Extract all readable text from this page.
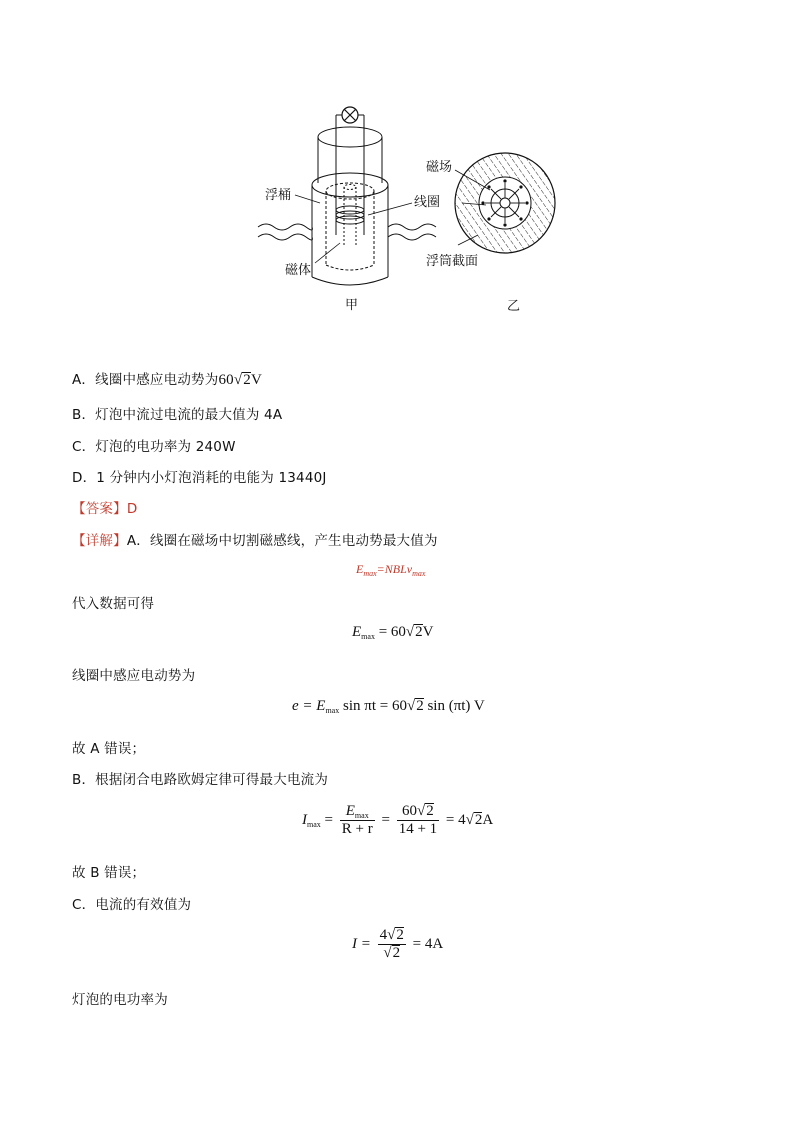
浮桶	线圈
磁体
磁场
浮筒截面
甲	乙
A．线圈中感应电动势为60√2V
B．灯泡中流过电流的最大值为 4A
C．灯泡的电功率为 240W
D．1 分钟内小灯泡消耗的电能为 13440J
【答案】D
【详解】A．线圈在磁场中切割磁感线，产生电动势最大值为
$E_{max}=NBLv_{max}$
代入数据可得
$E_{max} = 60√2V$
线圈中感应电动势为
$e = E_{max}$ sin πt = 60√2 sin (πt) V
故 A 错误；
B．根据闭合电路欧姆定律可得最大电流为
$I_{max} = \frac{E_{max}}{R + r} = \frac{60√2}{14 + 1} = 4√2A$
故 B 错误；
C．电流的有效值为
$I = \frac{4√2}{√2} = 4A$
灯泡的电功率为
